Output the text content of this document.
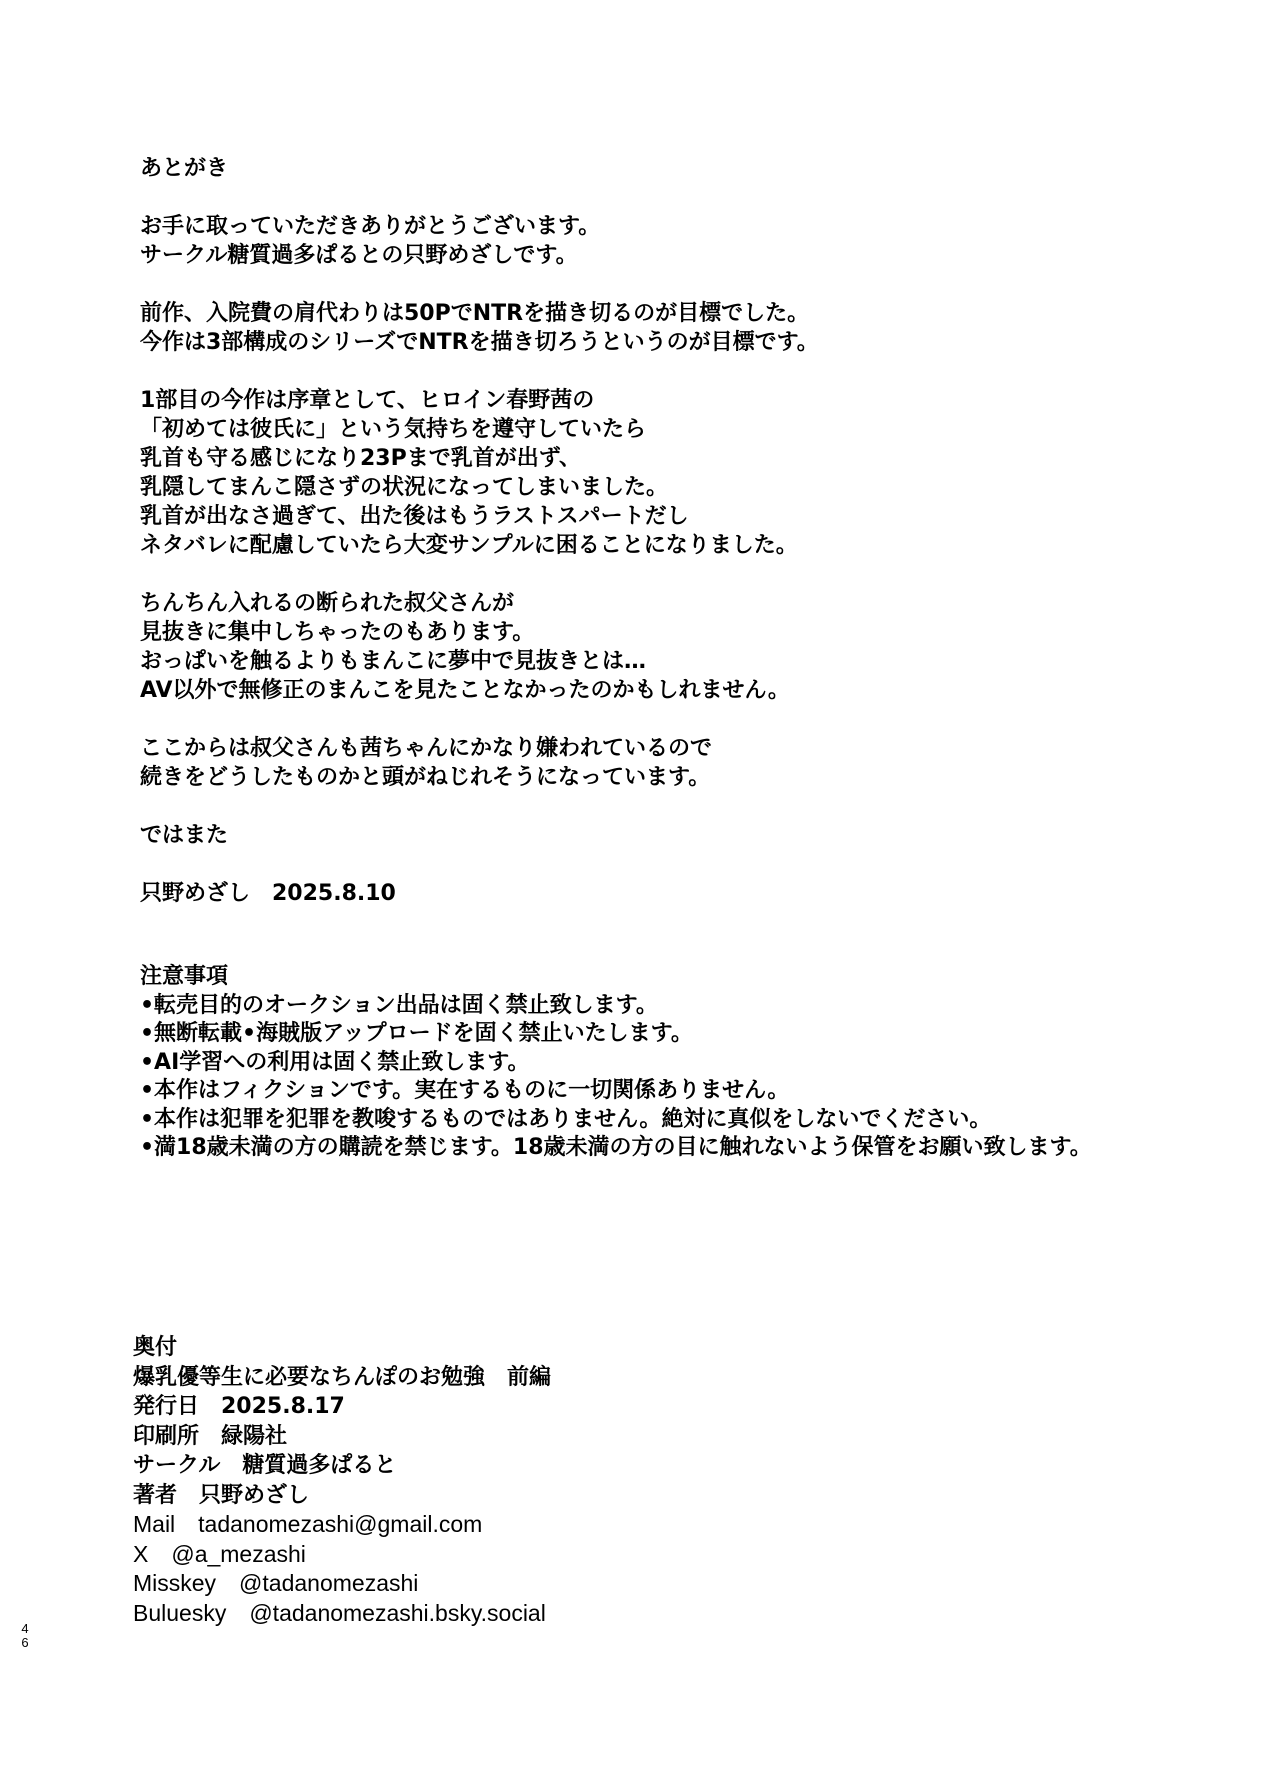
あとがき
お手に取っていただきありがとうございます。
サークル糖質過多ぱるとの只野めざしです。
前作、入院費の肩代わりは50PでNTRを描き切るのが目標でした。
今作は3部構成のシリーズでNTRを描き切ろうというのが目標です。
1部目の今作は序章として、ヒロイン春野茜の
「初めては彼氏に」という気持ちを遵守していたら
乳首も守る感じになり23Pまで乳首が出ず、
乳隠してまんこ隠さずの状況になってしまいました。
乳首が出なさ過ぎて、出た後はもうラストスパートだし
ネタバレに配慮していたら大変サンプルに困ることになりました。
ちんちん入れるの断られた叔父さんが
見抜きに集中しちゃったのもあります。
おっぱいを触るよりもまんこに夢中で見抜きとは…
AV以外で無修正のまんこを見たことなかったのかもしれません。
ここからは叔父さんも茜ちゃんにかなり嫌われているので
続きをどうしたものかと頭がねじれそうになっています。
ではまた
只野めざし　2025.8.10
注意事項
•転売目的のオークション出品は固く禁止致します。
•無断転載•海賊版アップロードを固く禁止いたします。
•AI学習への利用は固く禁止致します。
•本作はフィクションです。実在するものに一切関係ありません。
•本作は犯罪を犯罪を教唆するものではありません。絶対に真似をしないでください。
•満18歳未満の方の購読を禁じます。18歳未満の方の目に触れないよう保管をお願い致します。
奥付
爆乳優等生に必要なちんぽのお勉強　前編
発行日　2025.8.17
印刷所　緑陽社
サークル　糖質過多ぱると
著者　只野めざし
Mail　tadanomezashi@gmail.com
X　@a_mezashi
Misskey　@tadanomezashi
Buluesky　@tadanomezashi.bsky.social
4
6
